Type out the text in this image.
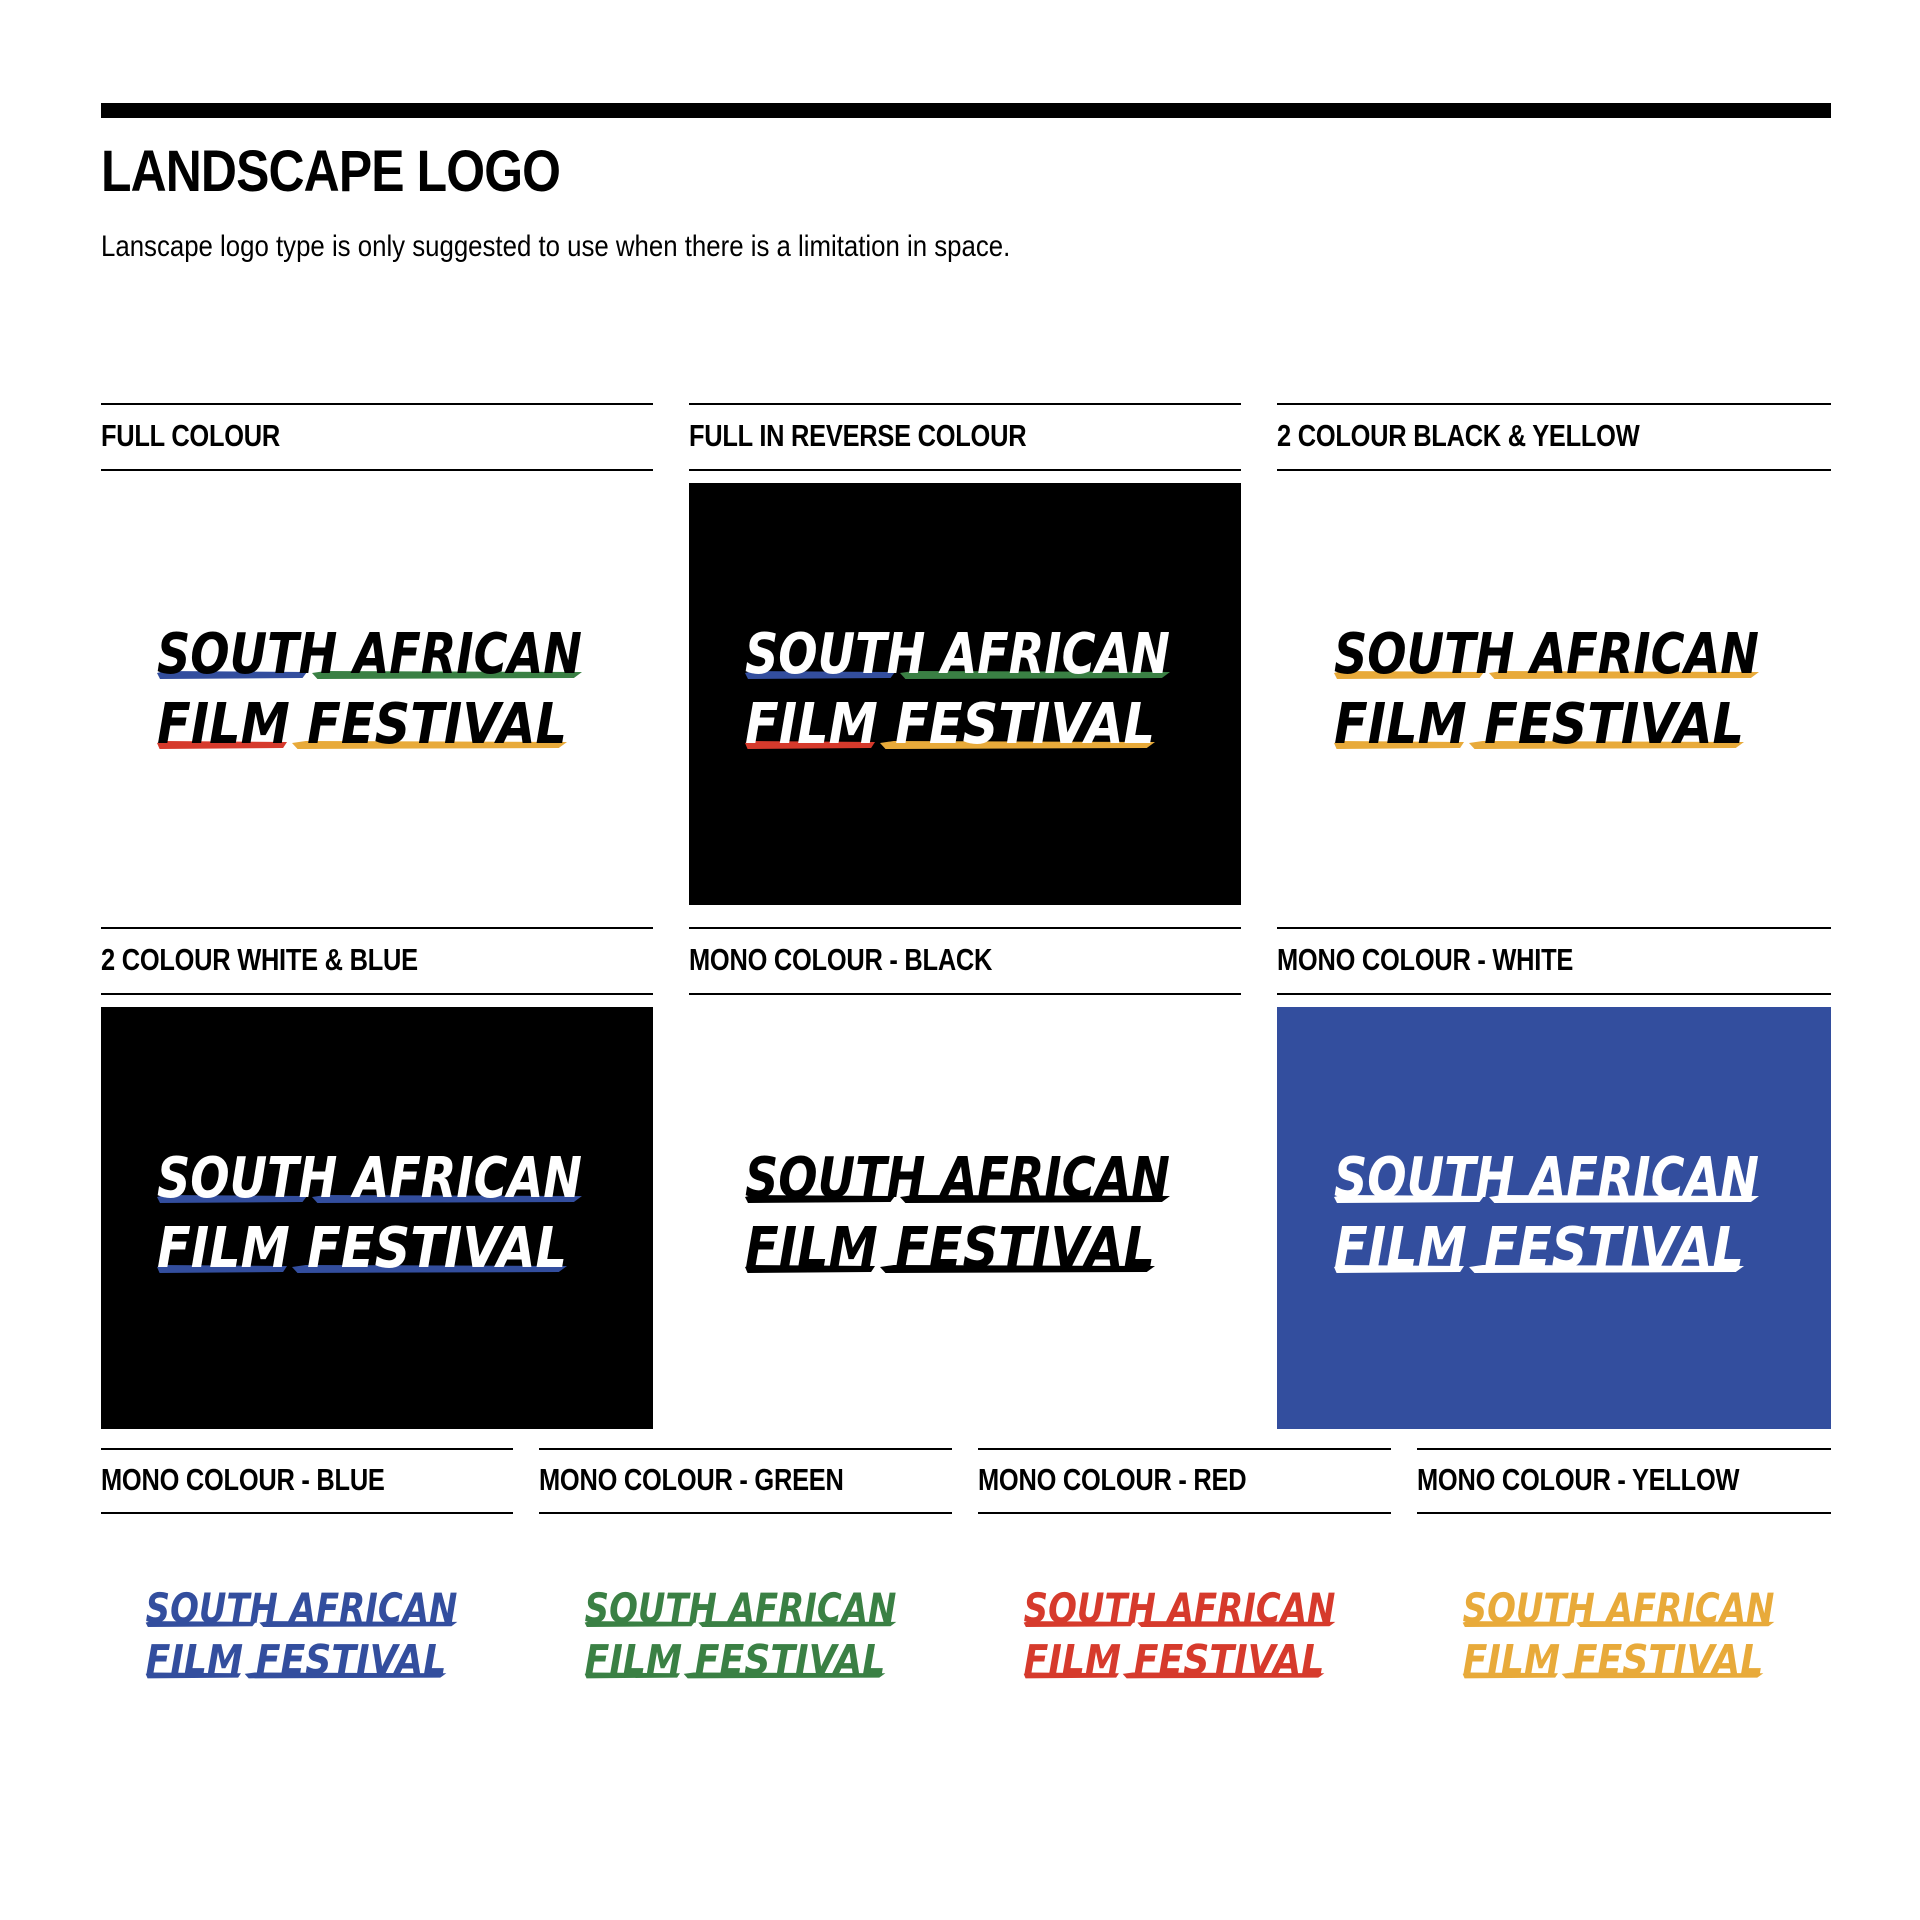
LANDSCAPE LOGO

Lanscape logo type is only suggested to use when there is a limitation in space.

FULL COLOUR
SOUTH AFRICAN
FILM FESTIVAL
FULL IN REVERSE COLOUR
SOUTH AFRICAN
FILM FESTIVAL
2 COLOUR BLACK & YELLOW
SOUTH AFRICAN
FILM FESTIVAL
2 COLOUR WHITE & BLUE
SOUTH AFRICAN
FILM FESTIVAL
MONO COLOUR - BLACK
SOUTH AFRICAN
FILM FESTIVAL
MONO COLOUR - WHITE
SOUTH AFRICAN
FILM FESTIVAL
MONO COLOUR - BLUE
SOUTH AFRICAN
FILM FESTIVAL
MONO COLOUR - GREEN
SOUTH AFRICAN
FILM FESTIVAL
MONO COLOUR - RED
SOUTH AFRICAN
FILM FESTIVAL
MONO COLOUR - YELLOW
SOUTH AFRICAN
FILM FESTIVAL
